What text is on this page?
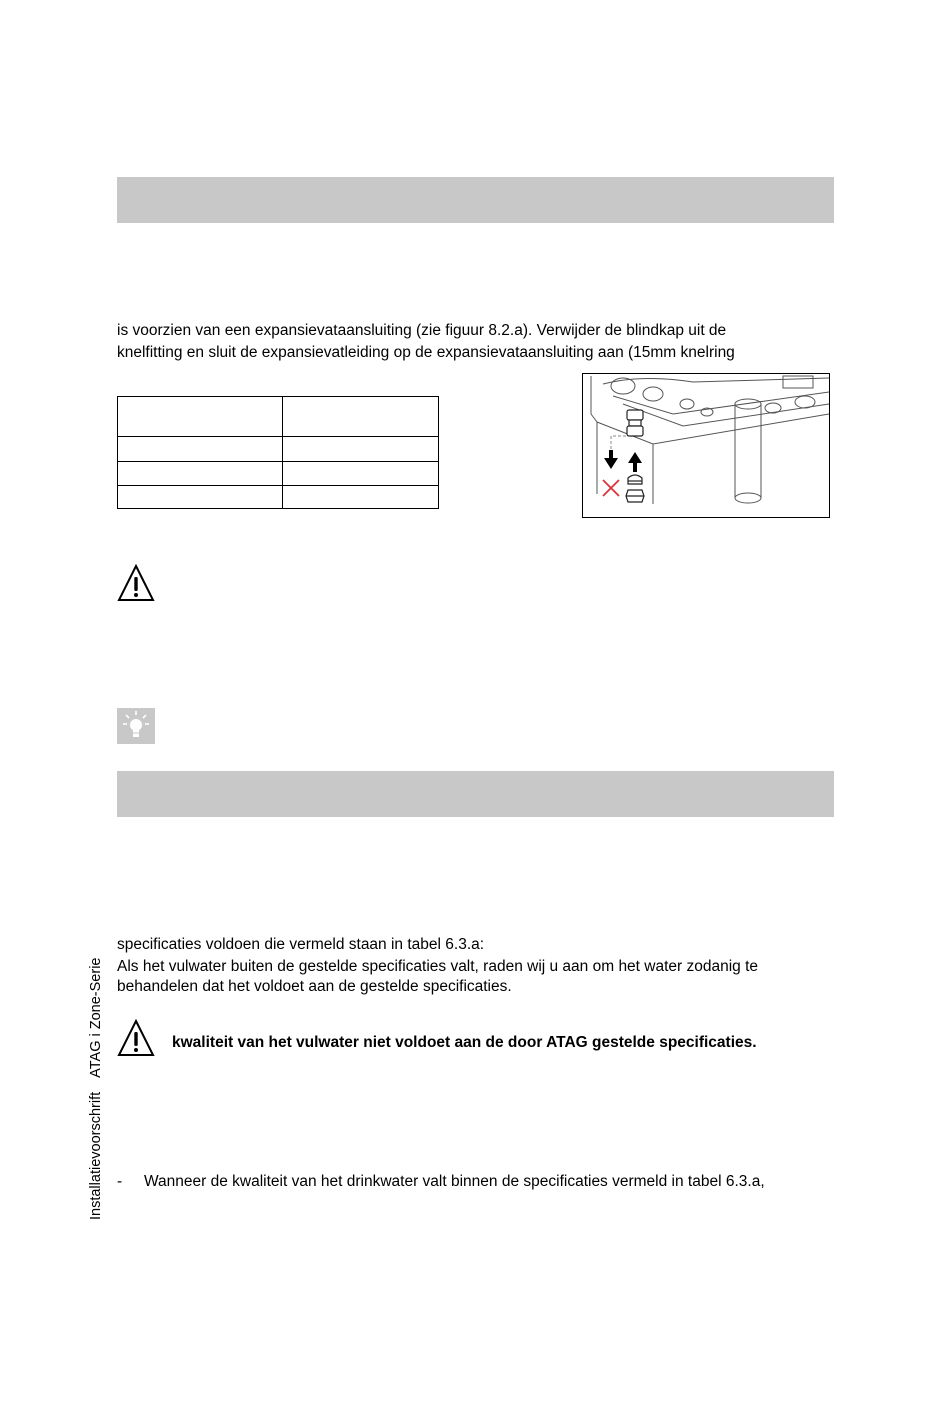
is voorzien van een expansievataansluiting (zie figuur 8.2.a). Verwijder de blindkap uit de
knelfitting en sluit de expansievatleiding op de expansievataansluiting aan (15mm knelring

specificaties voldoen die vermeld staan in tabel 6.3.a:
Als het vulwater buiten de gestelde specificaties valt, raden wij u aan om het water zodanig te
behandelen dat het voldoet aan de gestelde specificaties.
kwaliteit van het vulwater niet voldoet aan de door ATAG gestelde specificaties.
- Wanneer de kwaliteit van het drinkwater valt binnen de specificaties vermeld in tabel 6.3.a,
InstallatievoorschriftATAG i Zone-Serie
